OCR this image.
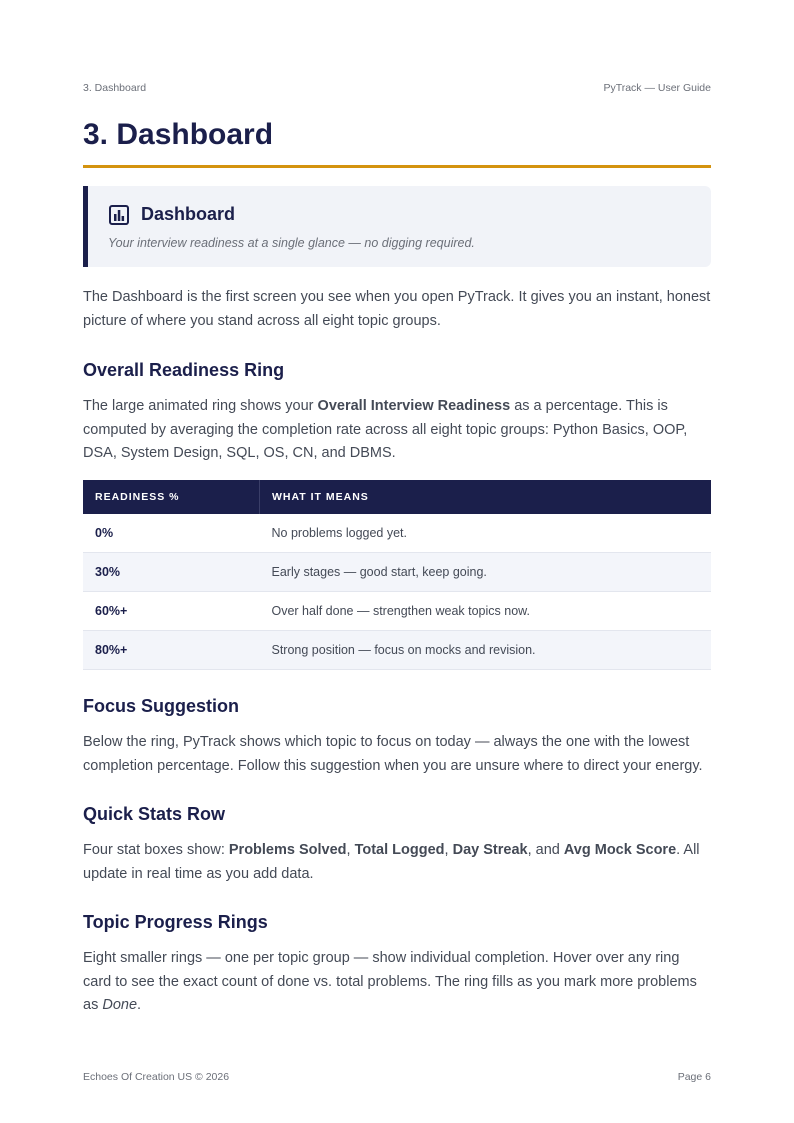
3. Dashboard	PyTrack — User Guide
3. Dashboard
Dashboard
Your interview readiness at a single glance — no digging required.

The Dashboard is the first screen you see when you open PyTrack. It gives you an instant, honest picture of where you stand across all eight topic groups.

Overall Readiness Ring

The large animated ring shows your Overall Interview Readiness as a percentage. This is computed by averaging the completion rate across all eight topic groups: Python Basics, OOP, DSA, System Design, SQL, OS, CN, and DBMS.

READINESS %	WHAT IT MEANS
0%	No problems logged yet.
30%	Early stages — good start, keep going.
60%+	Over half done — strengthen weak topics now.
80%+	Strong position — focus on mocks and revision.
Focus Suggestion

Below the ring, PyTrack shows which topic to focus on today — always the one with the lowest completion percentage. Follow this suggestion when you are unsure where to direct your energy.

Quick Stats Row

Four stat boxes show: Problems Solved, Total Logged, Day Streak, and Avg Mock Score. All update in real time as you add data.

Topic Progress Rings

Eight smaller rings — one per topic group — show individual completion. Hover over any ring card to see the exact count of done vs. total problems. The ring fills as you mark more problems as Done.

Echoes Of Creation US © 2026	Page 6
